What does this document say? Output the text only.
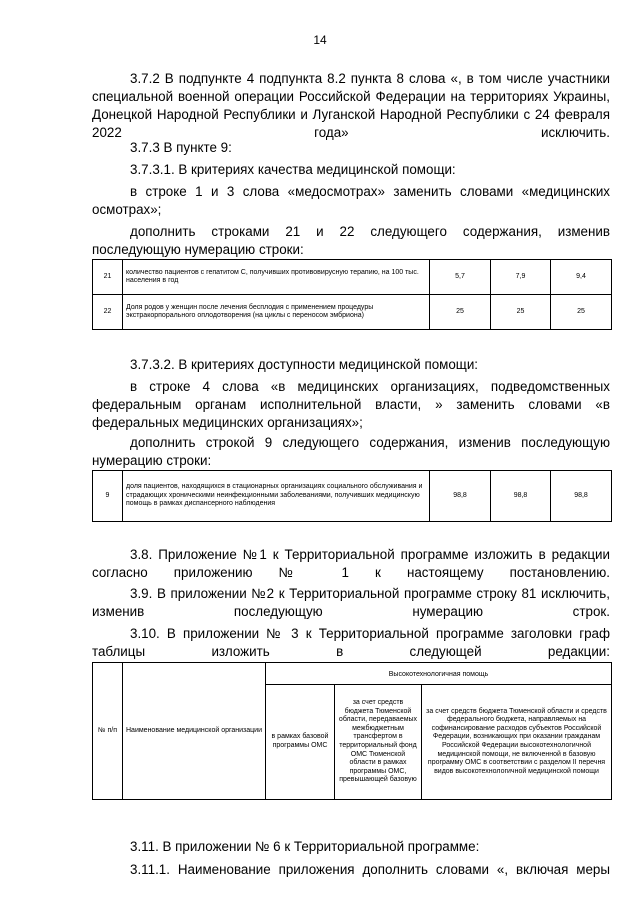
14
3.7.2 В подпункте 4 подпункта 8.2 пункта 8 слова «, в том числе участники специальной военной операции Российской Федерации на территориях Украины, Донецкой Народной Республики и Луганской Народной Республики с 24 февраля 2022 года» исключить.
3.7.3 В пункте 9:
3.7.3.1. В критериях качества медицинской помощи:
в строке 1 и 3 слова «медосмотрах» заменить словами «медицинских осмотрах»;
дополнить строками 21 и 22 следующего содержания, изменив последующую нумерацию строки:
21	количество пациентов с гепатитом С, получивших противовирусную терапию, на 100 тыс. населения в год	5,7	7,9	9,4
22	Доля родов у женщин после лечения бесплодия с применением процедуры экстракорпорального оплодотворения (на циклы с переносом эмбриона)	25	25	25
3.7.3.2. В критериях доступности медицинской помощи:
в строке 4 слова «в медицинских организациях, подведомственных федеральным органам исполнительной власти, » заменить словами «в федеральных медицинских организациях»;
дополнить строкой 9 следующего содержания, изменив последующую нумерацию строки:
9	доля пациентов, находящихся в стационарных организациях социального обслуживания и страдающих хроническими неинфекционными заболеваниями, получивших медицинскую помощь в рамках диспансерного наблюдения	98,8	98,8	98,8
3.8. Приложение №1 к Территориальной программе изложить в редакции согласно приложению № 1 к настоящему постановлению.
3.9. В приложении №2 к Территориальной программе строку 81 исключить, изменив последующую нумерацию строк.
3.10. В приложении № 3 к Территориальной программе заголовки граф таблицы изложить в следующей редакции:
№ п/п	Наименование медицинской организации	Высокотехнологичная помощь		
		в рамках базовой программы ОМС	за счет средств бюджета Тюменской области, передаваемых межбюджетным трансфертом в территориальный фонд ОМС Тюменской области в рамках программы ОМС, превышающей базовую	за счет средств бюджета Тюменской области и средств федерального бюджета, направляемых на софинансирование расходов субъектов Российской Федерации, возникающих при оказании гражданам Российской Федерации высокотехнологичной медицинской помощи, не включенной в базовую программу ОМС в соответствии с разделом II перечня видов высокотехнологичной медицинской помощи
3.11. В приложении № 6 к Территориальной программе:
3.11.1. Наименование приложения дополнить словами «, включая меры
